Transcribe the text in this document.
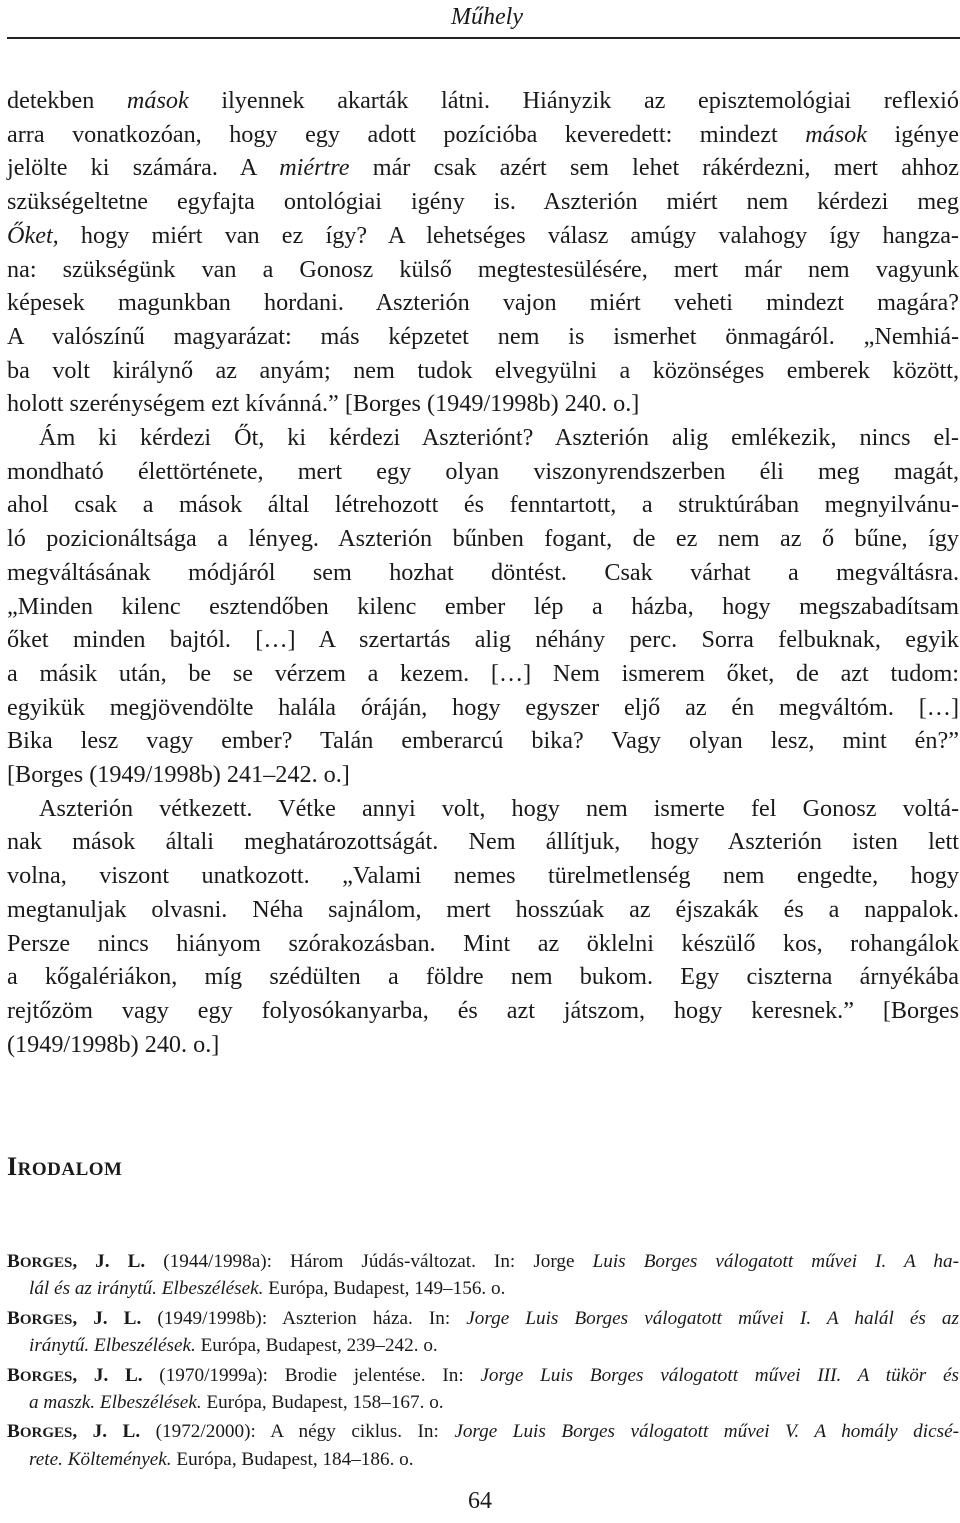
Műhely
detekben mások ilyennek akarták látni. Hiányzik az episztemológiai reflexió
arra vonatkozóan, hogy egy adott pozícióba keveredett: mindezt mások igénye
jelölte ki számára. A miértre már csak azért sem lehet rákérdezni, mert ahhoz
szükségeltetne egyfajta ontológiai igény is. Aszterión miért nem kérdezi meg
Őket, hogy miért van ez így? A lehetséges válasz amúgy valahogy így hangza-
na: szükségünk van a Gonosz külső megtestesülésére, mert már nem vagyunk
képesek magunkban hordani. Aszterión vajon miért veheti mindezt magára?
A valószínű magyarázat: más képzetet nem is ismerhet önmagáról. „Nemhiá-
ba volt királynő az anyám; nem tudok elvegyülni a közönséges emberek között,
holott szerénységem ezt kívánná.” [Borges (1949/1998b) 240. o.]
Ám ki kérdezi Őt, ki kérdezi Aszteriónt? Aszterión alig emlékezik, nincs el-
mondható élettörténete, mert egy olyan viszonyrendszerben éli meg magát,
ahol csak a mások által létrehozott és fenntartott, a struktúrában megnyilvánu-
ló pozicionáltsága a lényeg. Aszterión bűnben fogant, de ez nem az ő bűne, így
megváltásának módjáról sem hozhat döntést. Csak várhat a megváltásra.
„Minden kilenc esztendőben kilenc ember lép a házba, hogy megszabadítsam
őket minden bajtól. […] A szertartás alig néhány perc. Sorra felbuknak, egyik
a másik után, be se vérzem a kezem. […] Nem ismerem őket, de azt tudom:
egyikük megjövendölte halála óráján, hogy egyszer eljő az én megváltóm. […]
Bika lesz vagy ember? Talán emberarcú bika? Vagy olyan lesz, mint én?”
[Borges (1949/1998b) 241–242. o.]
Aszterión vétkezett. Vétke annyi volt, hogy nem ismerte fel Gonosz voltá-
nak mások általi meghatározottságát. Nem állítjuk, hogy Aszterión isten lett
volna, viszont unatkozott. „Valami nemes türelmetlenség nem engedte, hogy
megtanuljak olvasni. Néha sajnálom, mert hosszúak az éjszakák és a nappalok.
Persze nincs hiányom szórakozásban. Mint az öklelni készülő kos, rohangálok
a kőgalériákon, míg szédülten a földre nem bukom. Egy ciszterna árnyékába
rejtőzöm vagy egy folyosókanyarba, és azt játszom, hogy keresnek.” [Borges
(1949/1998b) 240. o.]
IRODALOM
BORGES, J. L. (1944/1998a): Három Júdás-változat. In: Jorge Luis Borges válogatott művei I. A ha-
lál és az iránytű. Elbeszélések. Európa, Budapest, 149–156. o.
BORGES, J. L. (1949/1998b): Aszterion háza. In: Jorge Luis Borges válogatott művei I. A halál és az
iránytű. Elbeszélések. Európa, Budapest, 239–242. o.
BORGES, J. L. (1970/1999a): Brodie jelentése. In: Jorge Luis Borges válogatott művei III. A tükör és
a maszk. Elbeszélések. Európa, Budapest, 158–167. o.
BORGES, J. L. (1972/2000): A négy ciklus. In: Jorge Luis Borges válogatott művei V. A homály dicsé-
rete. Költemények. Európa, Budapest, 184–186. o.
64
